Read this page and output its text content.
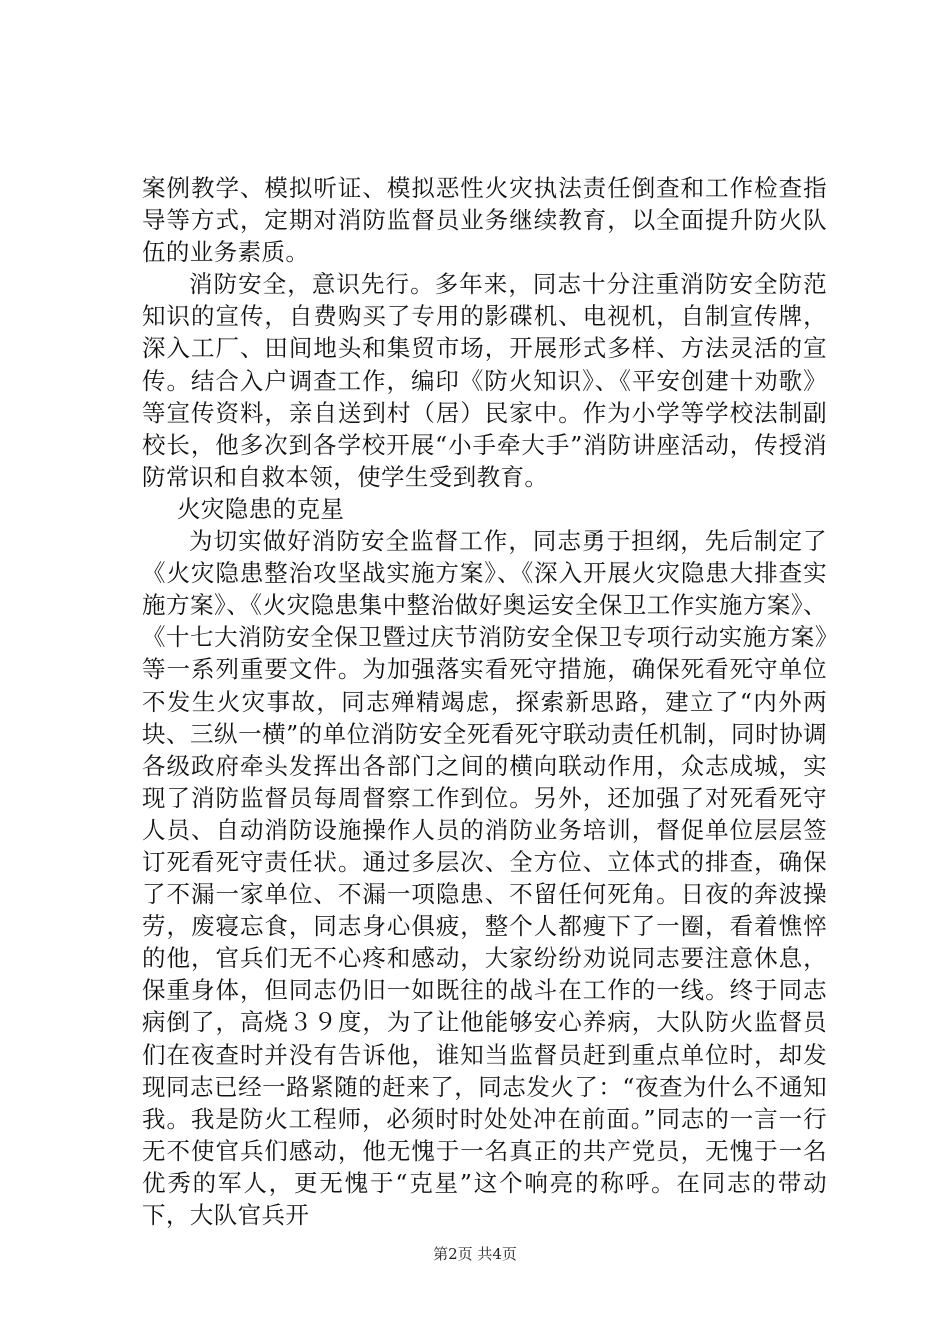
案例教学、模拟听证、模拟恶性火灾执法责任倒查和工作检查指导等方式，定期对消防监督员业务继续教育，以全面提升防火队伍的业务素质。

消防安全，意识先行。多年来，同志十分注重消防安全防范知识的宣传，自费购买了专用的影碟机、电视机，自制宣传牌，深入工厂、田间地头和集贸市场，开展形式多样、方法灵活的宣传。结合入户调查工作，编印《防火知识》、《平安创建十劝歌》等宣传资料，亲自送到村（居）民家中。作为小学等学校法制副校长，他多次到各学校开展“小手牵大手”消防讲座活动，传授消防常识和自救本领，使学生受到教育。

火灾隐患的克星

为切实做好消防安全监督工作，同志勇于担纲，先后制定了《火灾隐患整治攻坚战实施方案》、《深入开展火灾隐患大排查实施方案》、《火灾隐患集中整治做好奥运安全保卫工作实施方案》、《十七大消防安全保卫暨过庆节消防安全保卫专项行动实施方案》等一系列重要文件。为加强落实看死守措施，确保死看死守单位不发生火灾事故，同志殚精竭虑，探索新思路，建立了“内外两块、三纵一横”的单位消防安全死看死守联动责任机制，同时协调各级政府牵头发挥出各部门之间的横向联动作用，众志成城，实现了消防监督员每周督察工作到位。另外，还加强了对死看死守人员、自动消防设施操作人员的消防业务培训，督促单位层层签订死看死守责任状。通过多层次、全方位、立体式的排查，确保了不漏一家单位、不漏一项隐患、不留任何死角。日夜的奔波操劳，废寝忘食，同志身心俱疲，整个人都瘦下了一圈，看着憔悴的他，官兵们无不心疼和感动，大家纷纷劝说同志要注意休息，保重身体，但同志仍旧一如既往的战斗在工作的一线。终于同志病倒了，高烧３９度，为了让他能够安心养病，大队防火监督员们在夜查时并没有告诉他，谁知当监督员赶到重点单位时，却发现同志已经一路紧随的赶来了，同志发火了：“夜查为什么不通知我。我是防火工程师，必须时时处处冲在前面。”同志的一言一行无不使官兵们感动，他无愧于一名真正的共产党员，无愧于一名优秀的军人，更无愧于“克星”这个响亮的称呼。在同志的带动下，大队官兵开

第2页 共4页
